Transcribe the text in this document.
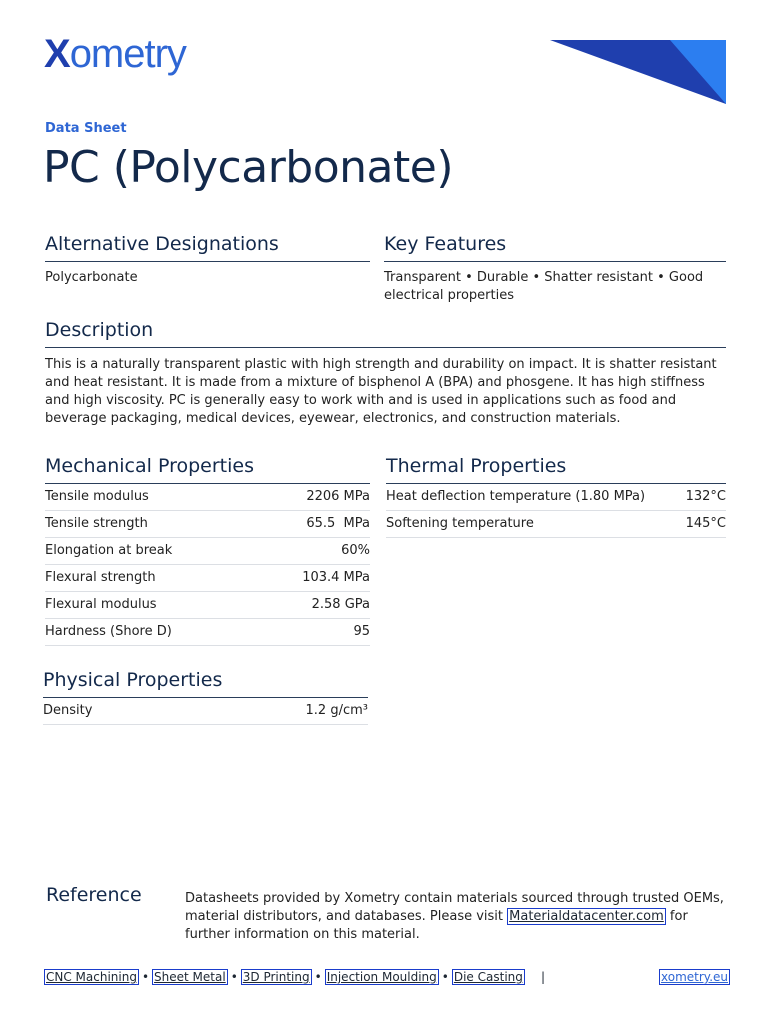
Xometry
Data Sheet
PC (Polycarbonate)
Alternative Designations
Polycarbonate
Key Features
Transparent • Durable • Shatter resistant • Good electrical properties
Description
This is a naturally transparent plastic with high strength and durability on impact. It is shatter resistant and heat resistant. It is made from a mixture of bisphenol A (BPA) and phosgene. It has high stiffness and high viscosity. PC is generally easy to work with and is used in applications such as food and beverage packaging, medical devices, eyewear, electronics, and construction materials.
Mechanical Properties
Tensile modulus	2206 MPa
Tensile strength	65.5  MPa
Elongation at break	60%
Flexural strength	103.4 MPa
Flexural modulus	2.58 GPa
Hardness (Shore D)	95
Thermal Properties
Heat deflection temperature (1.80 MPa)	132°C
Softening temperature	145°C
Physical Properties
Density	1.2 g/cm³
Reference	Datasheets provided by Xometry contain materials sourced through trusted OEMs, material distributors, and databases. Please visit Materialdatacenter.com for further information on this material.
CNC Machining • Sheet Metal • 3D Printing • Injection Moulding • Die Casting |	xometry.eu
